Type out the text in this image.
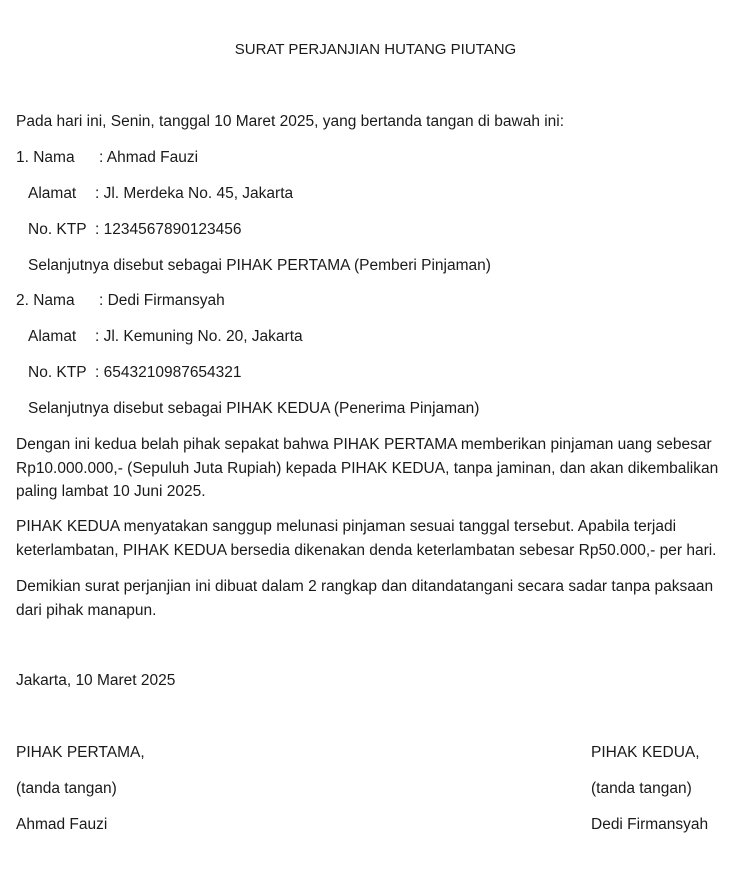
SURAT PERJANJIAN HUTANG PIUTANG
Pada hari ini, Senin, tanggal 10 Maret 2025, yang bertanda tangan di bawah ini:
1. Nama : Ahmad Fauzi
Alamat : Jl. Merdeka No. 45, Jakarta
No. KTP : 1234567890123456
Selanjutnya disebut sebagai PIHAK PERTAMA (Pemberi Pinjaman)
2. Nama : Dedi Firmansyah
Alamat : Jl. Kemuning No. 20, Jakarta
No. KTP : 6543210987654321
Selanjutnya disebut sebagai PIHAK KEDUA (Penerima Pinjaman)
Dengan ini kedua belah pihak sepakat bahwa PIHAK PERTAMA memberikan pinjaman uang sebesar Rp10.000.000,- (Sepuluh Juta Rupiah) kepada PIHAK KEDUA, tanpa jaminan, dan akan dikembalikan paling lambat 10 Juni 2025.
PIHAK KEDUA menyatakan sanggup melunasi pinjaman sesuai tanggal tersebut. Apabila terjadi keterlambatan, PIHAK KEDUA bersedia dikenakan denda keterlambatan sebesar Rp50.000,- per hari.
Demikian surat perjanjian ini dibuat dalam 2 rangkap dan ditandatangani secara sadar tanpa paksaan dari pihak manapun.
Jakarta, 10 Maret 2025
PIHAK PERTAMA,
(tanda tangan)
Ahmad Fauzi
PIHAK KEDUA,
(tanda tangan)
Dedi Firmansyah
